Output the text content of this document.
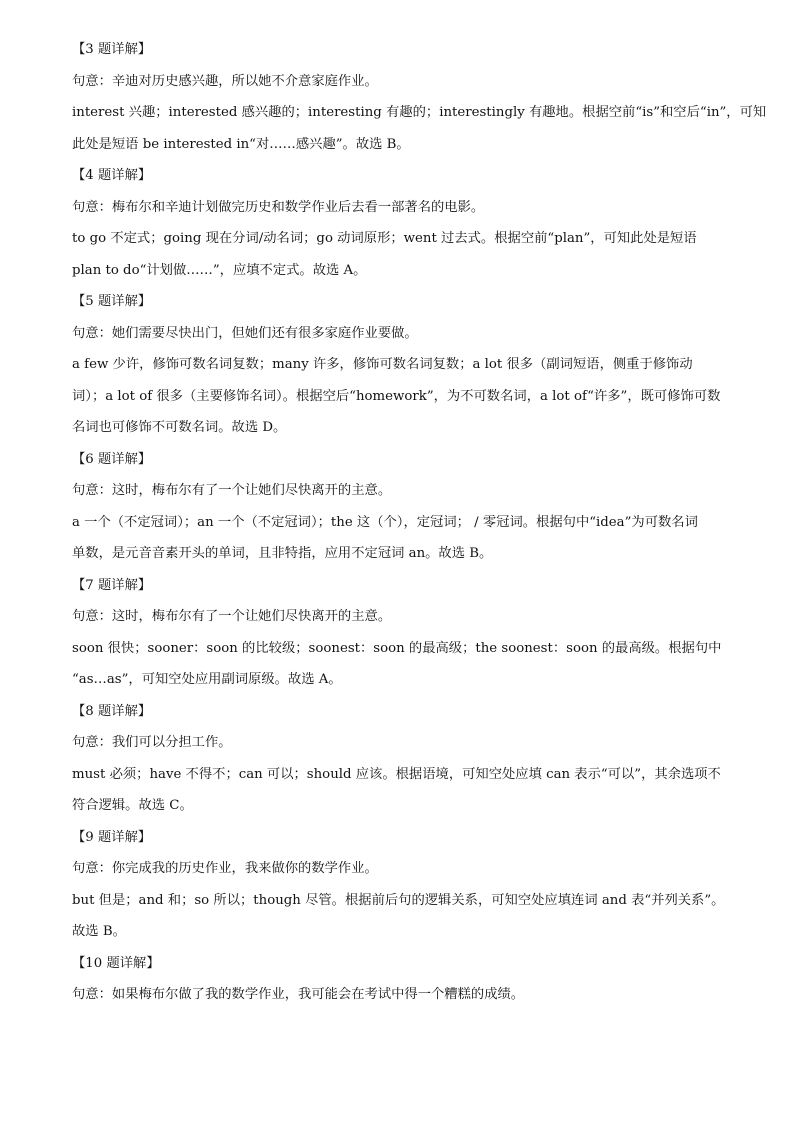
【3 题详解】
句意：辛迪对历史感兴趣，所以她不介意家庭作业。
interest 兴趣；interested 感兴趣的；interesting 有趣的；interestingly 有趣地。根据空前“is”和空后“in”，可知
此处是短语 be interested in“对……感兴趣”。故选 B。
【4 题详解】
句意：梅布尔和辛迪计划做完历史和数学作业后去看一部著名的电影。
to go 不定式；going 现在分词/动名词；go 动词原形；went 过去式。根据空前“plan”，可知此处是短语
plan to do“计划做……”，应填不定式。故选 A。
【5 题详解】
句意：她们需要尽快出门，但她们还有很多家庭作业要做。
a few 少许，修饰可数名词复数；many 许多，修饰可数名词复数；a lot 很多（副词短语，侧重于修饰动
词）；a lot of 很多（主要修饰名词）。根据空后“homework”，为不可数名词，a lot of“许多”，既可修饰可数
名词也可修饰不可数名词。故选 D。
【6 题详解】
句意：这时，梅布尔有了一个让她们尽快离开的主意。
a 一个（不定冠词）；an 一个（不定冠词）；the 这（个），定冠词； / 零冠词。根据句中“idea”为可数名词
单数，是元音音素开头的单词，且非特指，应用不定冠词 an。故选 B。
【7 题详解】
句意：这时，梅布尔有了一个让她们尽快离开的主意。
soon 很快；sooner：soon 的比较级；soonest：soon 的最高级；the soonest：soon 的最高级。根据句中
“as…as”，可知空处应用副词原级。故选 A。
【8 题详解】
句意：我们可以分担工作。
must 必须；have 不得不；can 可以；should 应该。根据语境，可知空处应填 can 表示“可以”，其余选项不
符合逻辑。故选 C。
【9 题详解】
句意：你完成我的历史作业，我来做你的数学作业。
but 但是；and 和；so 所以；though 尽管。根据前后句的逻辑关系，可知空处应填连词 and 表“并列关系”。
故选 B。
【10 题详解】
句意：如果梅布尔做了我的数学作业，我可能会在考试中得一个糟糕的成绩。
